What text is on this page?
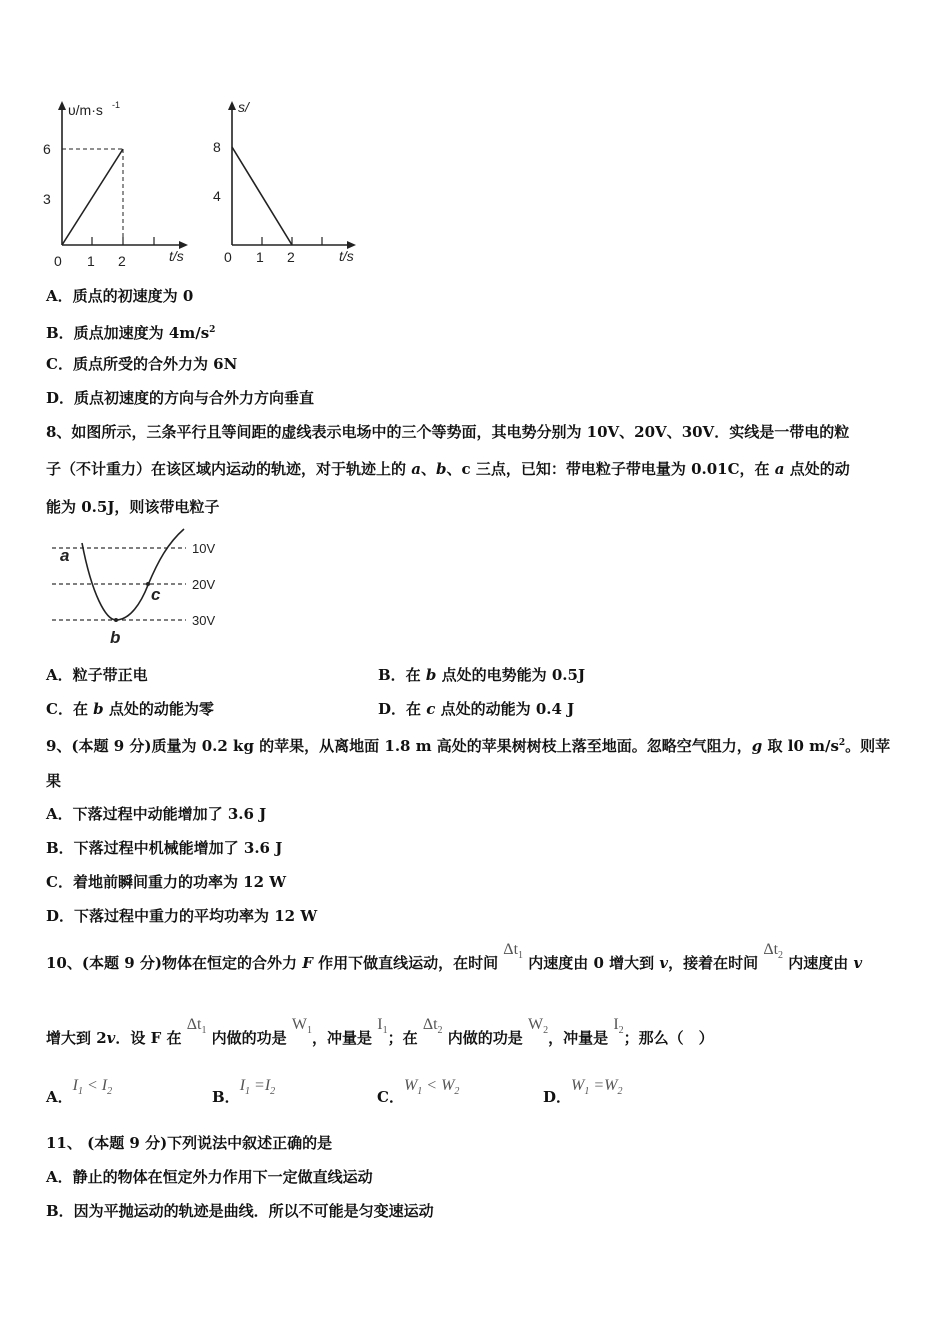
υ/m·s -1
6
3
0 1 2	t/s
s/
8
4
0 1 2	t/s
A．质点的初速度为 0
B．质点加速度为 $4m/s^2$
C．质点所受的合外力为 6N
D．质点初速度的方向与合外力方向垂直
8、如图所示，三条平行且等间距的虚线表示电场中的三个等势面，其电势分别为 10V、20V、30V．实线是一带电的粒
子（不计重力）在该区域内运动的轨迹，对于轨迹上的 a、b、c 三点，已知：带电粒子带电量为 0.01C，在 a 点处的动
能为 0.5J，则该带电粒子
10V
20V
30V
a
b
c
A．粒子带正电	B．在 b 点处的电势能为 0.5J
C．在 b 点处的动能为零	D．在 c 点处的动能为 0.4 J
9、(本题 9 分)质量为 0.2 kg 的苹果，从离地面 1.8 m 高处的苹果树树枝上落至地面。忽略空气阻力，g 取 l0 $m/s^2$。则苹
果
A．下落过程中动能增加了 3.6 J
B．下落过程中机械能增加了 3.6 J
C．着地前瞬间重力的功率为 12 W
D．下落过程中重力的平均功率为 12 W
10、(本题 9 分)物体在恒定的合外力 F 作用下做直线运动，在时间 $\Delta t_1$ 内速度由 0 增大到 v，接着在时间 $\Delta t_2$ 内速度由 v
增大到 2v．设 F 在 $\Delta t_1$ 内做的功是 $W_1$，冲量是 $I_1$；在 $\Delta t_2$ 内做的功是 $W_2$，冲量是 $I_2$；那么（　）
A．$I_1 < I_2$	B．$I_1 =I_2$	C．$W_1 < W_2$	D．$W_1 =W_2$
11、 (本题 9 分)下列说法中叙述正确的是
A．静止的物体在恒定外力作用下一定做直线运动
B．因为平抛运动的轨迹是曲线．所以不可能是匀变速运动
